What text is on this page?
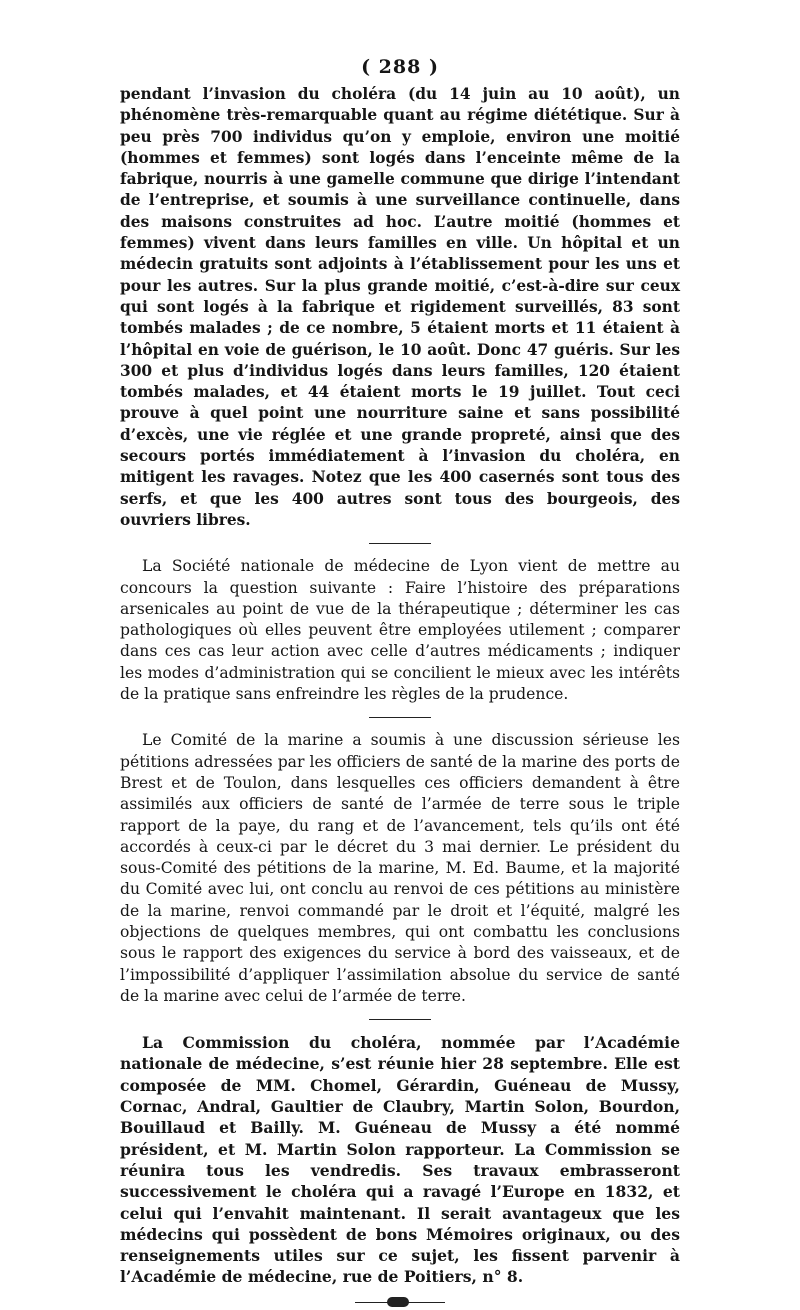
( 288 )

pendant l’invasion du choléra (du 14 juin au 10 août), un phénomène très-remarquable quant au régime diététique. Sur à peu près 700 individus qu’on y emploie, environ une moitié (hommes et femmes) sont logés dans l’enceinte même de la fabrique, nourris à une gamelle commune que dirige l’intendant de l’entreprise, et soumis à une surveillance continuelle, dans des maisons construites ad hoc. L’autre moitié (hommes et femmes) vivent dans leurs familles en ville. Un hôpital et un médecin gratuits sont adjoints à l’établissement pour les uns et pour les autres. Sur la plus grande moitié, c’est-à-dire sur ceux qui sont logés à la fabrique et rigidement surveillés, 83 sont tombés malades ; de ce nombre, 5 étaient morts et 11 étaient à l’hôpital en voie de guérison, le 10 août. Donc 47 guéris. Sur les 300 et plus d’individus logés dans leurs familles, 120 étaient tombés malades, et 44 étaient morts le 19 juillet. Tout ceci prouve à quel point une nourriture saine et sans possibilité d’excès, une vie réglée et une grande propreté, ainsi que des secours portés immédiatement à l’invasion du choléra, en mitigent les ravages. Notez que les 400 casernés sont tous des serfs, et que les 400 autres sont tous des bourgeois, des ouvriers libres.

La Société nationale de médecine de Lyon vient de mettre au concours la question suivante : Faire l’histoire des préparations arsenicales au point de vue de la thérapeutique ; déterminer les cas pathologiques où elles peuvent être employées utilement ; comparer dans ces cas leur action avec celle d’autres médicaments ; indiquer les modes d’administration qui se concilient le mieux avec les intérêts de la pratique sans enfreindre les règles de la prudence.

Le Comité de la marine a soumis à une discussion sérieuse les pétitions adressées par les officiers de santé de la marine des ports de Brest et de Toulon, dans lesquelles ces officiers demandent à être assimilés aux officiers de santé de l’armée de terre sous le triple rapport de la paye, du rang et de l’avancement, tels qu’ils ont été accordés à ceux-ci par le décret du 3 mai dernier. Le président du sous-Comité des pétitions de la marine, M. Ed. Baume, et la majorité du Comité avec lui, ont conclu au renvoi de ces pétitions au ministère de la marine, renvoi commandé par le droit et l’équité, malgré les objections de quelques membres, qui ont combattu les conclusions sous le rapport des exigences du service à bord des vaisseaux, et de l’impossibilité d’appliquer l’assimilation absolue du service de santé de la marine avec celui de l’armée de terre.

La Commission du choléra, nommée par l’Académie nationale de médecine, s’est réunie hier 28 septembre. Elle est composée de MM. Chomel, Gérardin, Guéneau de Mussy, Cornac, Andral, Gaultier de Claubry, Martin Solon, Bourdon, Bouillaud et Bailly. M. Guéneau de Mussy a été nommé président, et M. Martin Solon rapporteur. La Commission se réunira tous les vendredis. Ses travaux embrasseront successivement le choléra qui a ravagé l’Europe en 1832, et celui qui l’envahit maintenant. Il serait avantageux que les médecins qui possèdent de bons Mémoires originaux, ou des renseignements utiles sur ce sujet, les fissent parvenir à l’Académie de médecine, rue de Poitiers, n° 8.
